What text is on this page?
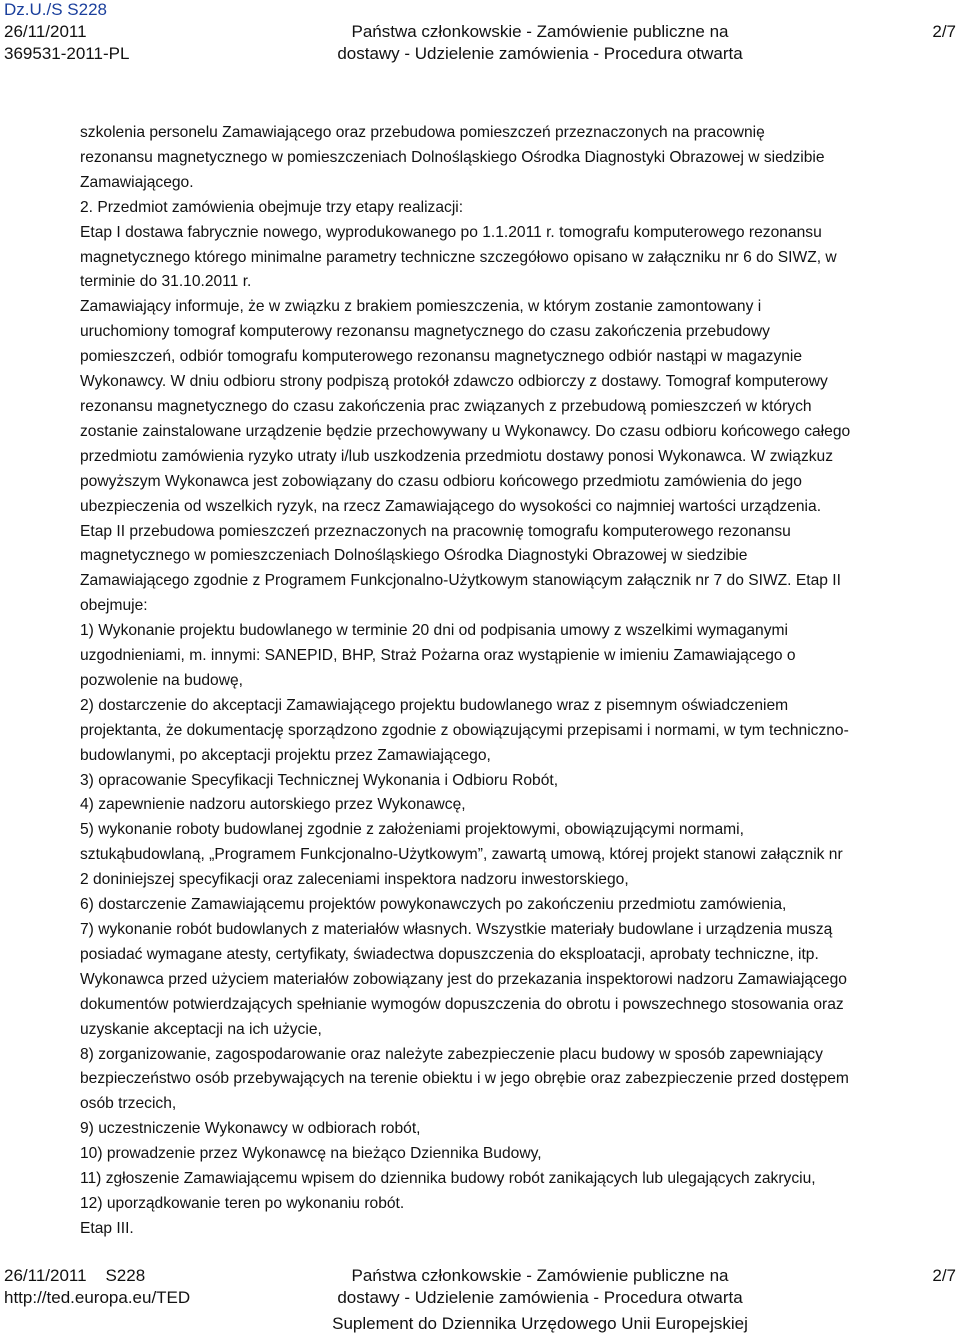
Dz.U./S S228
26/11/2011
369531-2011-PL
Państwa członkowskie - Zamówienie publiczne na
dostawy - Udzielenie zamówienia - Procedura otwarta
2/7

szkolenia personelu Zamawiającego oraz przebudowa pomieszczeń przeznaczonych na pracownię

rezonansu magnetycznego w pomieszczeniach Dolnośląskiego Ośrodka Diagnostyki Obrazowej w siedzibie

Zamawiającego.

2. Przedmiot zamówienia obejmuje trzy etapy realizacji:

Etap I dostawa fabrycznie nowego, wyprodukowanego po 1.1.2011 r. tomografu komputerowego rezonansu

magnetycznego którego minimalne parametry techniczne szczegółowo opisano w załączniku nr 6 do SIWZ, w

terminie do 31.10.2011 r.

Zamawiający informuje, że w związku z brakiem pomieszczenia, w którym zostanie zamontowany i

uruchomiony tomograf komputerowy rezonansu magnetycznego do czasu zakończenia przebudowy

pomieszczeń, odbiór tomografu komputerowego rezonansu magnetycznego odbiór nastąpi w magazynie

Wykonawcy. W dniu odbioru strony podpiszą protokół zdawczo odbiorczy z dostawy. Tomograf komputerowy

rezonansu magnetycznego do czasu zakończenia prac związanych z przebudową pomieszczeń w których

zostanie zainstalowane urządzenie będzie przechowywany u Wykonawcy. Do czasu odbioru końcowego całego

przedmiotu zamówienia ryzyko utraty i/lub uszkodzenia przedmiotu dostawy ponosi Wykonawca. W związkuz

powyższym Wykonawca jest zobowiązany do czasu odbioru końcowego przedmiotu zamówienia do jego

ubezpieczenia od wszelkich ryzyk, na rzecz Zamawiającego do wysokości co najmniej wartości urządzenia.

Etap II przebudowa pomieszczeń przeznaczonych na pracownię tomografu komputerowego rezonansu

magnetycznego w pomieszczeniach Dolnośląskiego Ośrodka Diagnostyki Obrazowej w siedzibie

Zamawiającego zgodnie z Programem Funkcjonalno-Użytkowym stanowiącym załącznik nr 7 do SIWZ. Etap II

obejmuje:

1) Wykonanie projektu budowlanego w terminie 20 dni od podpisania umowy z wszelkimi wymaganymi

uzgodnieniami, m. innymi: SANEPID, BHP, Straż Pożarna oraz wystąpienie w imieniu Zamawiającego o

pozwolenie na budowę,

2) dostarczenie do akceptacji Zamawiającego projektu budowlanego wraz z pisemnym oświadczeniem

projektanta, że dokumentację sporządzono zgodnie z obowiązującymi przepisami i normami, w tym techniczno-

budowlanymi, po akceptacji projektu przez Zamawiającego,

3) opracowanie Specyfikacji Technicznej Wykonania i Odbioru Robót,

4) zapewnienie nadzoru autorskiego przez Wykonawcę,

5) wykonanie roboty budowlanej zgodnie z założeniami projektowymi, obowiązującymi normami,

sztukąbudowlaną, „Programem Funkcjonalno-Użytkowym”, zawartą umową, której projekt stanowi załącznik nr

2 doniniejszej specyfikacji oraz zaleceniami inspektora nadzoru inwestorskiego,

6) dostarczenie Zamawiającemu projektów powykonawczych po zakończeniu przedmiotu zamówienia,

7) wykonanie robót budowlanych z materiałów własnych. Wszystkie materiały budowlane i urządzenia muszą

posiadać wymagane atesty, certyfikaty, świadectwa dopuszczenia do eksploatacji, aprobaty techniczne, itp.

Wykonawca przed użyciem materiałów zobowiązany jest do przekazania inspektorowi nadzoru Zamawiającego

dokumentów potwierdzających spełnianie wymogów dopuszczenia do obrotu i powszechnego stosowania oraz

uzyskanie akceptacji na ich użycie,

8) zorganizowanie, zagospodarowanie oraz należyte zabezpieczenie placu budowy w sposób zapewniający

bezpieczeństwo osób przebywających na terenie obiektu i w jego obrębie oraz zabezpieczenie przed dostępem

osób trzecich,

9) uczestniczenie Wykonawcy w odbiorach robót,

10) prowadzenie przez Wykonawcę na bieżąco Dziennika Budowy,

11) zgłoszenie Zamawiającemu wpisem do dziennika budowy robót zanikających lub ulegających zakryciu,

12) uporządkowanie teren po wykonaniu robót.

Etap III.

26/11/2011 S228
http://ted.europa.eu/TED
Państwa członkowskie - Zamówienie publiczne na
dostawy - Udzielenie zamówienia - Procedura otwarta
2/7
Suplement do Dziennika Urzędowego Unii Europejskiej
